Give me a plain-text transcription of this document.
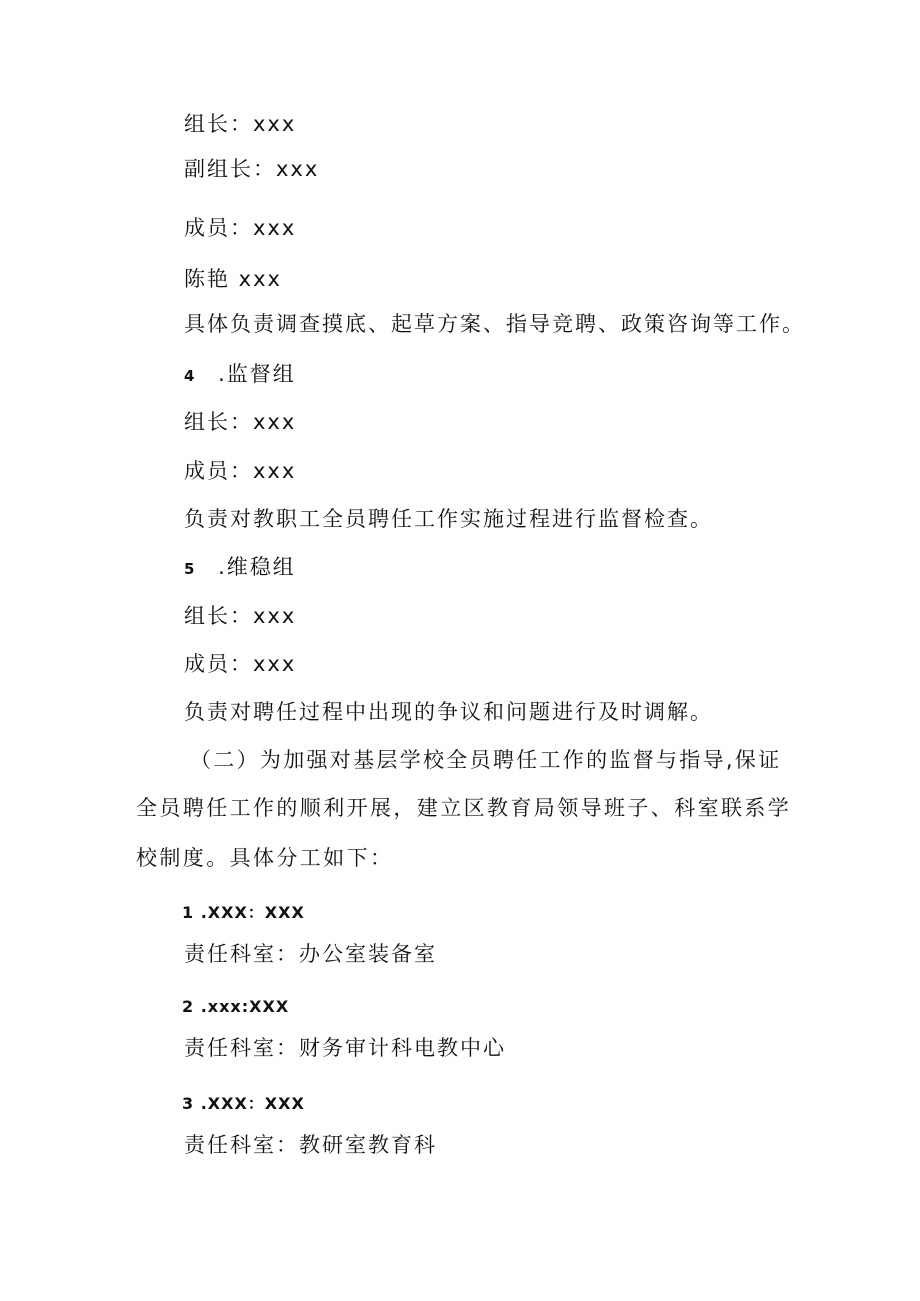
组长：xxx
副组长：xxx
成员：xxx
陈艳 xxx
具体负责调查摸底、起草方案、指导竞聘、政策咨询等工作。
4 .监督组
组长：xxx
成员：xxx
负责对教职工全员聘任工作实施过程进行监督检查。
5 .维稳组
组长：xxx
成员：xxx
负责对聘任过程中出现的争议和问题进行及时调解。
（二）为加强对基层学校全员聘任工作的监督与指导,保证
全员聘任工作的顺利开展，建立区教育局领导班子、科室联系学
校制度。具体分工如下：
1 .XXX：XXX
责任科室：办公室装备室
2 .xxx:XXX
责任科室：财务审计科电教中心
3 .XXX：XXX
责任科室：教研室教育科
